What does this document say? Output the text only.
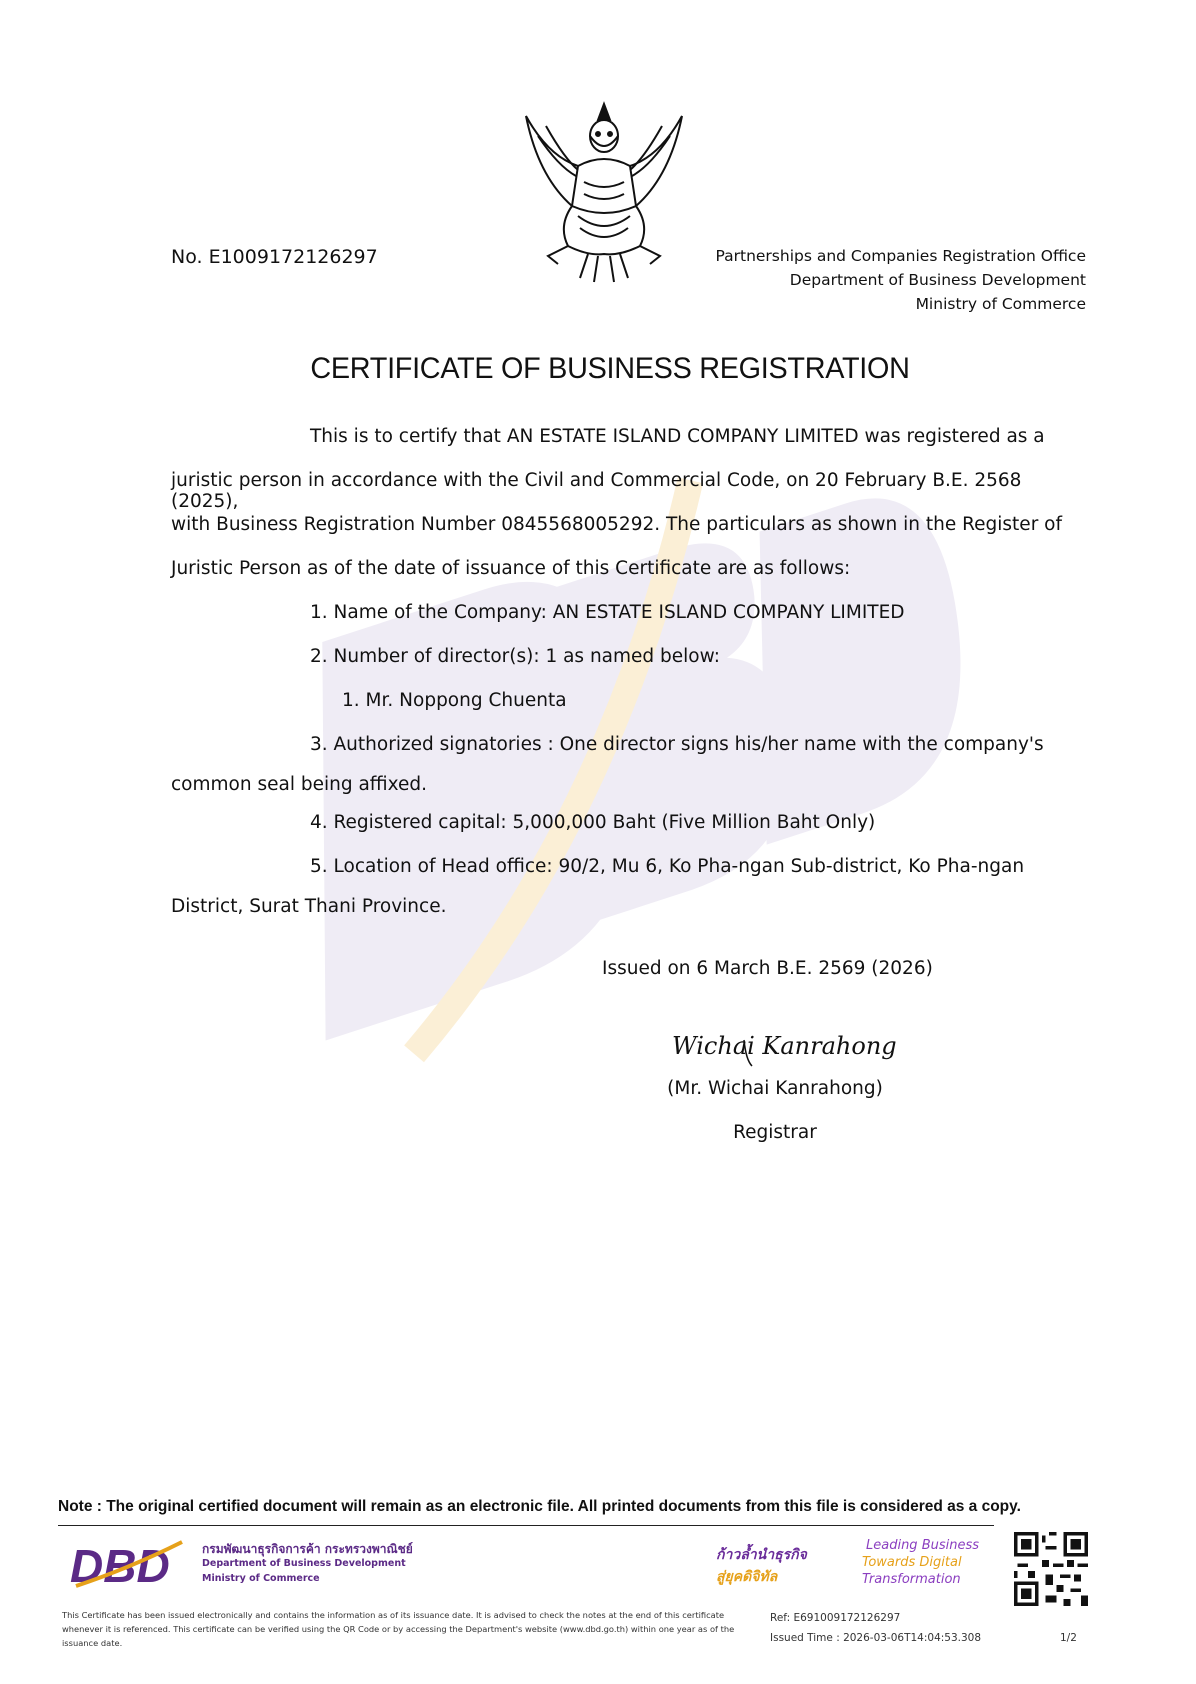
No. E1009172126297	Partnerships and Companies Registration Office
Department of Business Development
Ministry of Commerce
CERTIFICATE OF BUSINESS REGISTRATION
This is to certify that AN ESTATE ISLAND COMPANY LIMITED was registered as a
juristic person in accordance with the Civil and Commercial Code, on 20 February B.E. 2568 (2025),
with Business Registration Number 0845568005292. The particulars as shown in the Register of
Juristic Person as of the date of issuance of this Certificate are as follows:
1. Name of the Company: AN ESTATE ISLAND COMPANY LIMITED
2. Number of director(s): 1 as named below:
1. Mr. Noppong Chuenta
3. Authorized signatories : One director signs his/her name with the company's
common seal being affixed.
4. Registered capital: 5,000,000 Baht (Five Million Baht Only)
5. Location of Head office: 90/2, Mu 6, Ko Pha-ngan Sub-district, Ko Pha-ngan
District, Surat Thani Province.
Issued on 6 March B.E. 2569 (2026)
Wichai Kanrahong
(Mr. Wichai Kanrahong)
Registrar
Note : The original certified document will remain as an electronic file. All printed documents from this file is considered as a copy.
DBD	กรมพัฒนาธุรกิจการค้า กระทรวงพาณิชย์
Department of Business Development
Ministry of Commerce
ก้าวล้ำนำธุรกิจ
สู่ยุคดิจิทัล
Leading Business
Towards Digital
Transformation
This Certificate has been issued electronically and contains the information as of its issuance date. It is advised to check the notes at the end of this certificate whenever it is referenced. This certificate can be verified using the QR Code or by accessing the Department's website (www.dbd.go.th) within one year as of the issuance date.
Ref: E691009172126297
Issued Time : 2026-03-06T14:04:53.308	1/2
